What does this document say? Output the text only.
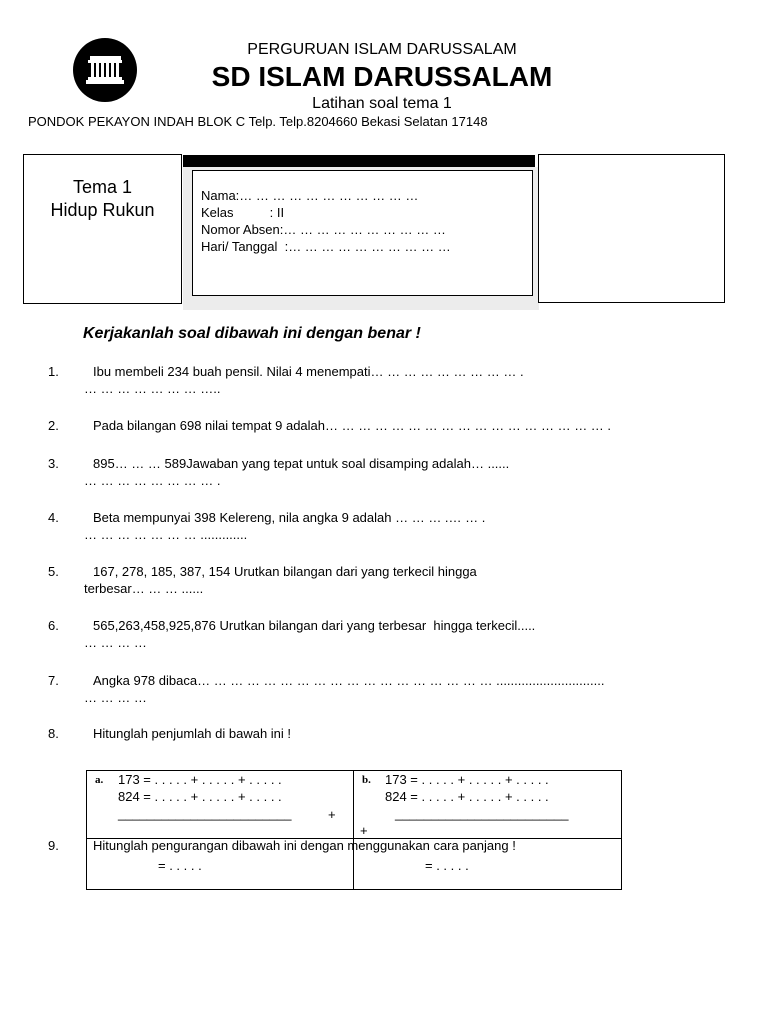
PERGURUAN ISLAM DARUSSALAM
SD ISLAM DARUSSALAM
Latihan soal tema 1
PONDOK PEKAYON INDAH BLOK C Telp. Telp.8204660 Bekasi Selatan 17148
Tema 1
Hidup Rukun
Nama:… … … … … … … … … … …
Kelas          : II
Nomor Absen:… … … … … … … … … …
Hari/ Tanggal  :… … … … … … … … … …
Kerjakanlah soal dibawah ini dengan benar !
1.	Ibu membeli 234 buah pensil. Nilai 4 menempati… … … … … … … … … .
… … … … … … … …..
2.	Pada bilangan 698 nilai tempat 9 adalah… … … … … … … … … … … … … … … … … .
3.	895… … … 589Jawaban yang tepat untuk soal disamping adalah… ......
… … … … … … … … .
4.	Beta mempunyai 398 Kelereng, nila angka 9 adalah … … … .… … .
… … … … … … … .............
5.	167, 278, 185, 387, 154 Urutkan bilangan dari yang terkecil hingga
terbesar… … … ......
6.	565,263,458,925,876 Urutkan bilangan dari yang terbesar  hingga terkecil.....
… … … …
7.	Angka 978 dibaca… … … … … … … … … … … … … … … … … … ..............................
… … … …
8.	Hitunglah penjumlah di bawah ini !
a. 173 = . . . . . + . . . . . + . . . . .
824 = . . . . . + . . . . . + . . . . .
________________________	+
= . . . . .
b. 173 = . . . . . + . . . . . + . . . . .
824 = . . . . . + . . . . . + . . . . .
________________________
+
= . . . . .
9.	Hitunglah pengurangan dibawah ini dengan menggunakan cara panjang !
